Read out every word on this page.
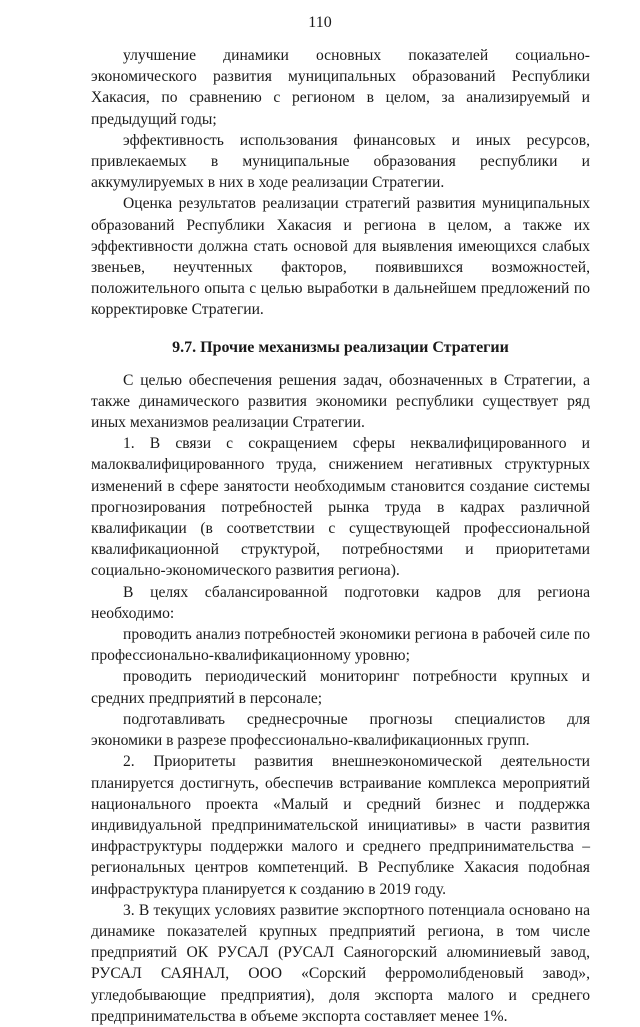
110

улучшение динамики основных показателей социально-экономического развития муниципальных образований Республики Хакасия, по сравнению с регионом в целом, за анализируемый и предыдущий годы;

эффективность использования финансовых и иных ресурсов, привлекаемых в муниципальные образования республики и аккумулируемых в них в ходе реализации Стратегии.

Оценка результатов реализации стратегий развития муниципальных образований Республики Хакасия и региона в целом, а также их эффективности должна стать основой для выявления имеющихся слабых звеньев, неучтенных факторов, появившихся возможностей, положительного опыта с целью выработки в дальнейшем предложений по корректировке Стратегии.

9.7. Прочие механизмы реализации Стратегии

С целью обеспечения решения задач, обозначенных в Стратегии, а также динамического развития экономики республики существует ряд иных механизмов реализации Стратегии.

1. В связи с сокращением сферы неквалифицированного и малоквалифицированного труда, снижением негативных структурных изменений в сфере занятости необходимым становится создание системы прогнозирования потребностей рынка труда в кадрах различной квалификации (в соответствии с существующей профессиональной квалификационной структурой, потребностями и приоритетами социально-экономического развития региона).

В целях сбалансированной подготовки кадров для региона необходимо:

проводить анализ потребностей экономики региона в рабочей силе по профессионально-квалификационному уровню;

проводить периодический мониторинг потребности крупных и средних предприятий в персонале;

подготавливать среднесрочные прогнозы специалистов для экономики в разрезе профессионально-квалификационных групп.

2. Приоритеты развития внешнеэкономической деятельности планируется достигнуть, обеспечив встраивание комплекса мероприятий национального проекта «Малый и средний бизнес и поддержка индивидуальной предпринимательской инициативы» в части развития инфраструктуры поддержки малого и среднего предпринимательства – региональных центров компетенций. В Республике Хакасия подобная инфраструктура планируется к созданию в 2019 году.

3. В текущих условиях развитие экспортного потенциала основано на динамике показателей крупных предприятий региона, в том числе предприятий ОК РУСАЛ (РУСАЛ Саяногорский алюминиевый завод, РУСАЛ САЯНАЛ, ООО «Сорский ферромолибденовый завод», угледобывающие предприятия), доля экспорта малого и среднего предпринимательства в объеме экспорта составляет менее 1%.
